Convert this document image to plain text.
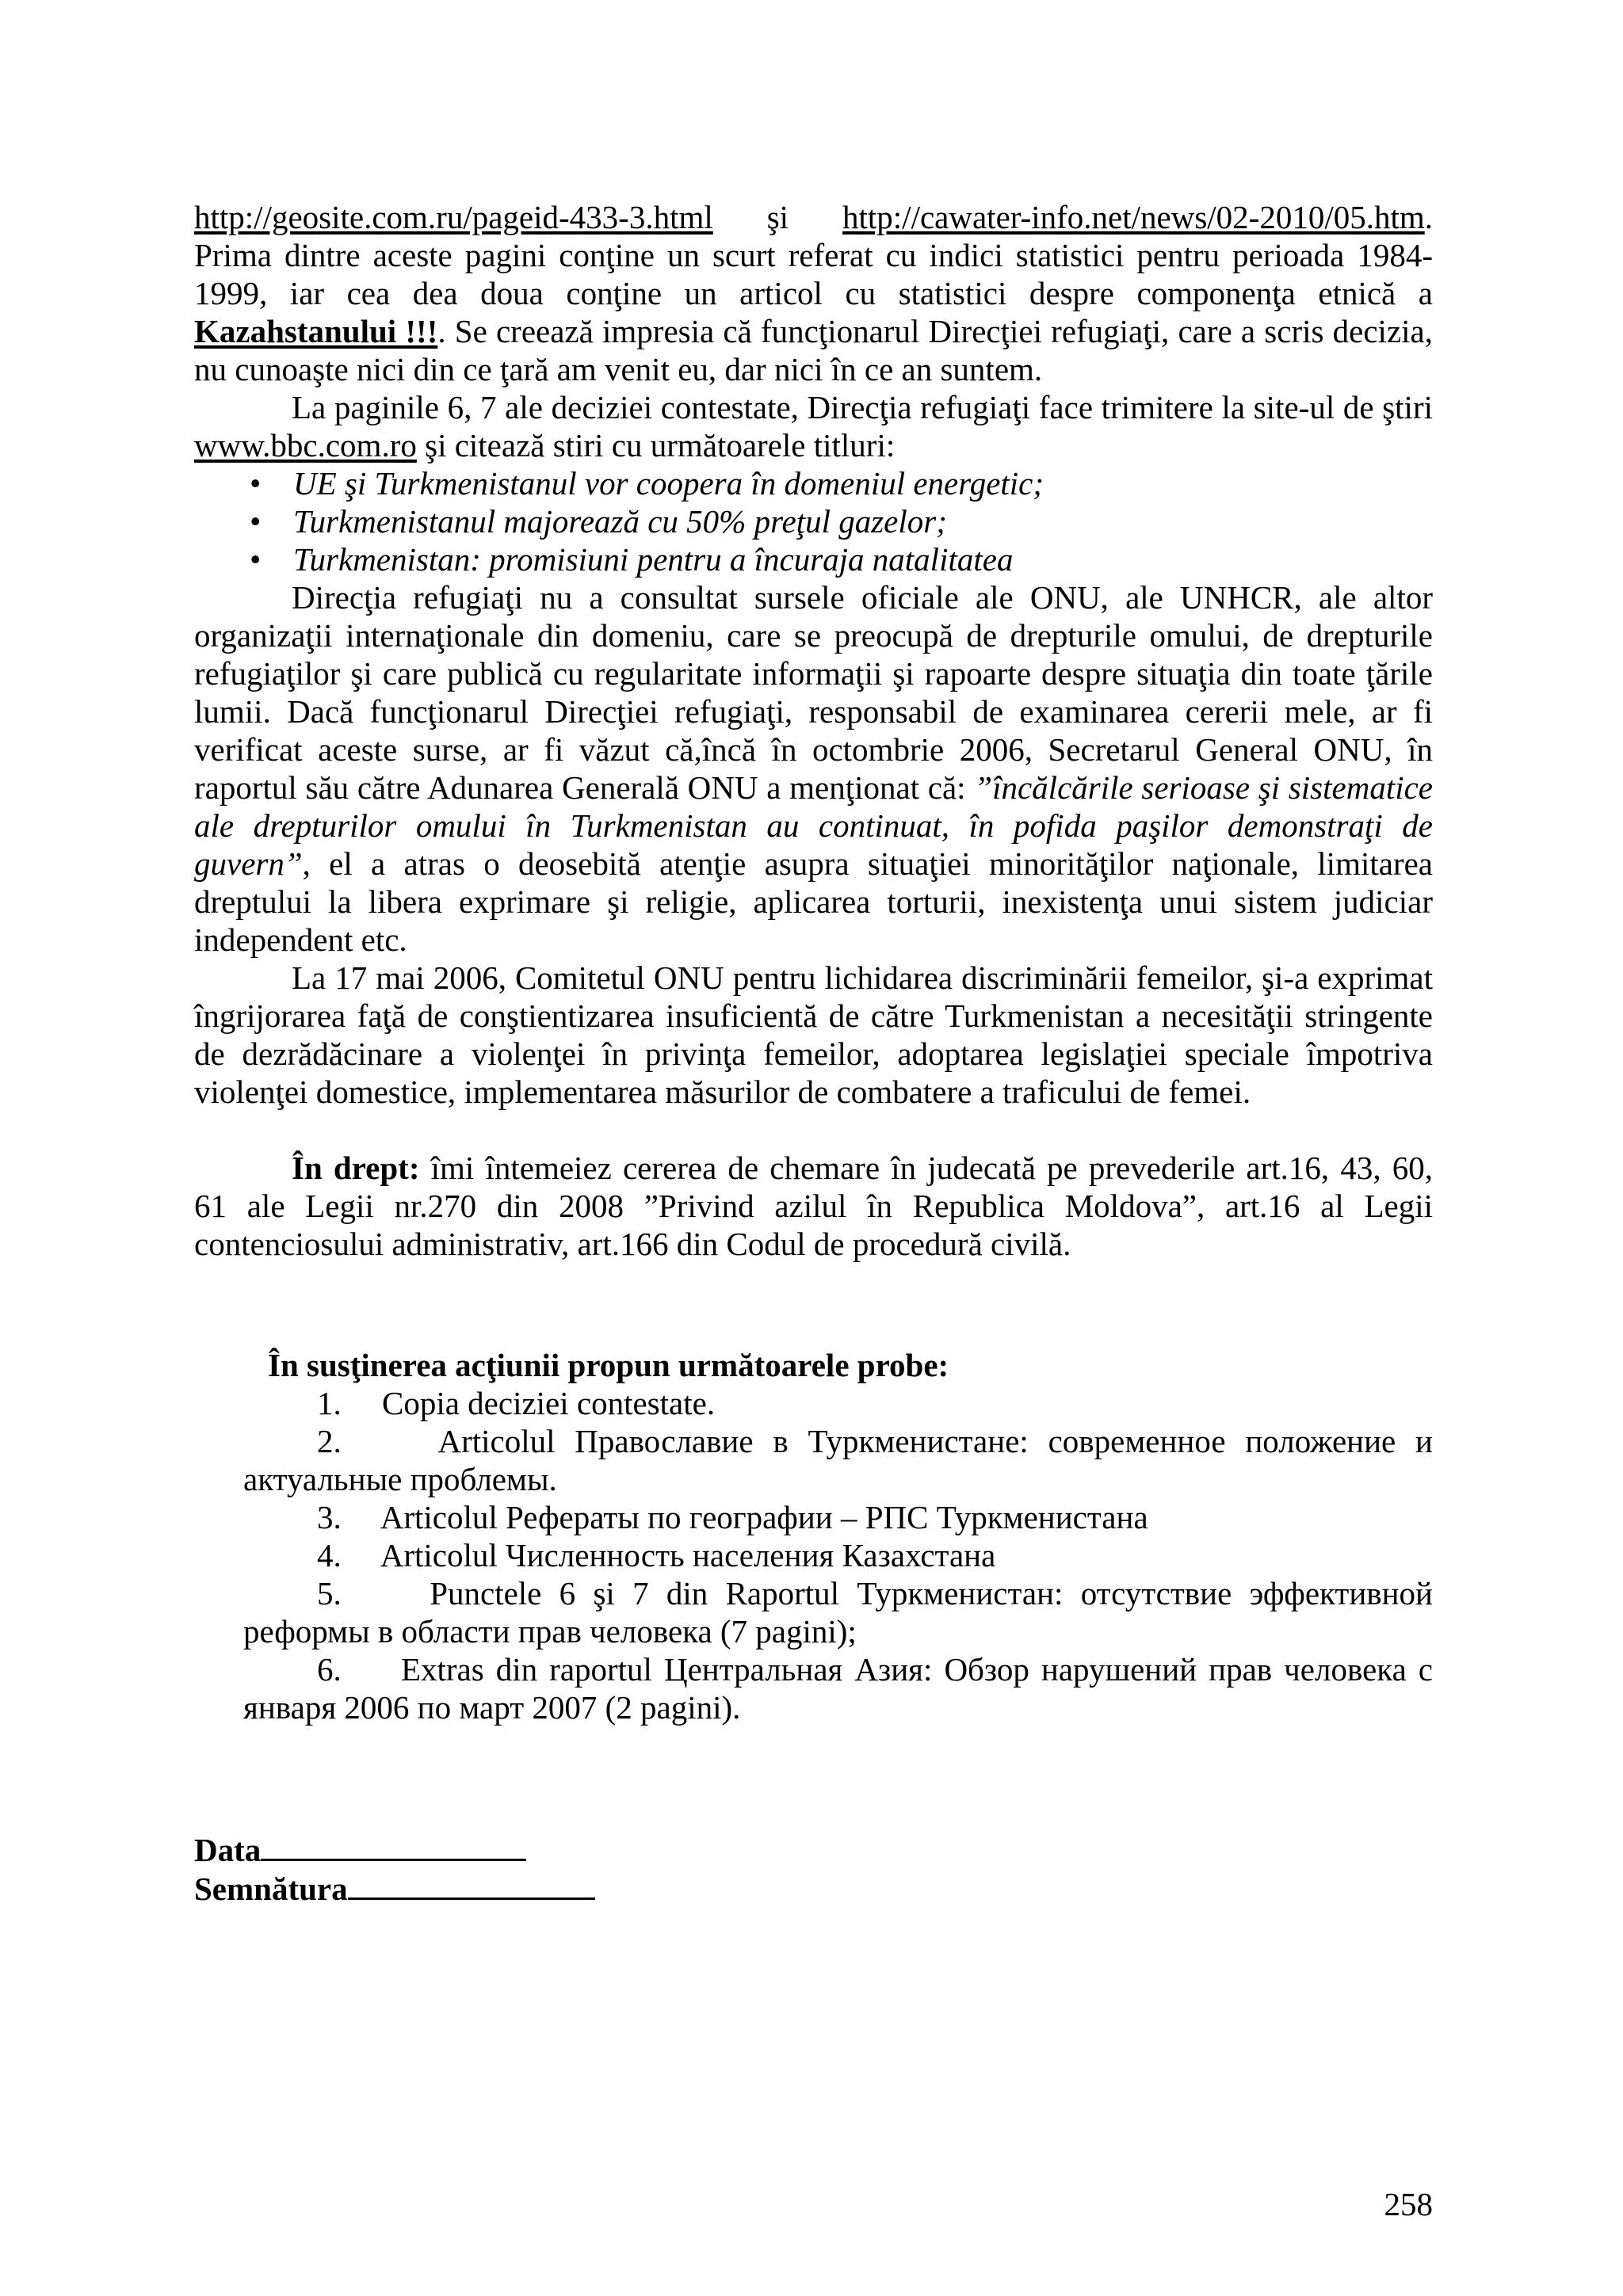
http://geosite.com.ru/pageid-433-3.html şi http://cawater-info.net/news/02-2010/05.htm.

Prima dintre aceste pagini conţine un scurt referat cu indici statistici pentru perioada 1984-1999, iar cea dea doua conţine un articol cu statistici despre componenţa etnică a Kazahstanului !!!. Se creează impresia că funcţionarul Direcţiei refugiaţi, care a scris decizia, nu cunoaşte nici din ce ţară am venit eu, dar nici în ce an suntem.

La paginile 6, 7 ale deciziei contestate, Direcţia refugiaţi face trimitere la site-ul de ştiri www.bbc.com.ro şi citează stiri cu următoarele titluri:

• UE şi Turkmenistanul vor coopera în domeniul energetic;
• Turkmenistanul majorează cu 50% preţul gazelor;
• Turkmenistan: promisiuni pentru a încuraja natalitatea

Direcţia refugiaţi nu a consultat sursele oficiale ale ONU, ale UNHCR, ale altor organizaţii internaţionale din domeniu, care se preocupă de drepturile omului, de drepturile refugiaţilor şi care publică cu regularitate informaţii şi rapoarte despre situaţia din toate ţările lumii. Dacă funcţionarul Direcţiei refugiaţi, responsabil de examinarea cererii mele, ar fi verificat aceste surse, ar fi văzut că,încă în octombrie 2006, Secretarul General ONU, în raportul său către Adunarea Generală ONU a menţionat că: ”încălcările serioase şi sistematice ale drepturilor omului în Turkmenistan au continuat, în pofida paşilor demonstraţi de guvern”, el a atras o deosebită atenţie asupra situaţiei minorităţilor naţionale, limitarea dreptului la libera exprimare şi religie, aplicarea torturii, inexistenţa unui sistem judiciar independent etc.

La 17 mai 2006, Comitetul ONU pentru lichidarea discriminării femeilor, şi-a exprimat îngrijorarea faţă de conştientizarea insuficientă de către Turkmenistan a necesităţii stringente de dezrădăcinare a violenţei în privinţa femeilor, adoptarea legislaţiei speciale împotriva violenţei domestice, implementarea măsurilor de combatere a traficului de femei.

În drept: îmi întemeiez cererea de chemare în judecată pe prevederile art.16, 43, 60, 61 ale Legii nr.270 din 2008 ”Privind azilul în Republica Moldova”, art.16 al Legii contenciosului administrativ, art.166 din Codul de procedură civilă.

În susţinerea acţiunii propun următoarele probe:

1. Copia deciziei contestate.
2.	Articolul Православие в Туркменистане: современное положение и
актуальные проблемы.
3. Articolul Рефераты по географии – РПС Туркменистана
4. Articolul Численность населения Казахстана
5.	Punctele 6 şi 7 din Raportul Туркменистан: отсутствие эффективной
реформы в области прав человека (7 pagini);
6. Extras din raportul Центральная Азия: Обзор нарушений прав человека с
января 2006 по март 2007 (2 pagini).
Data
Semnătura
258
